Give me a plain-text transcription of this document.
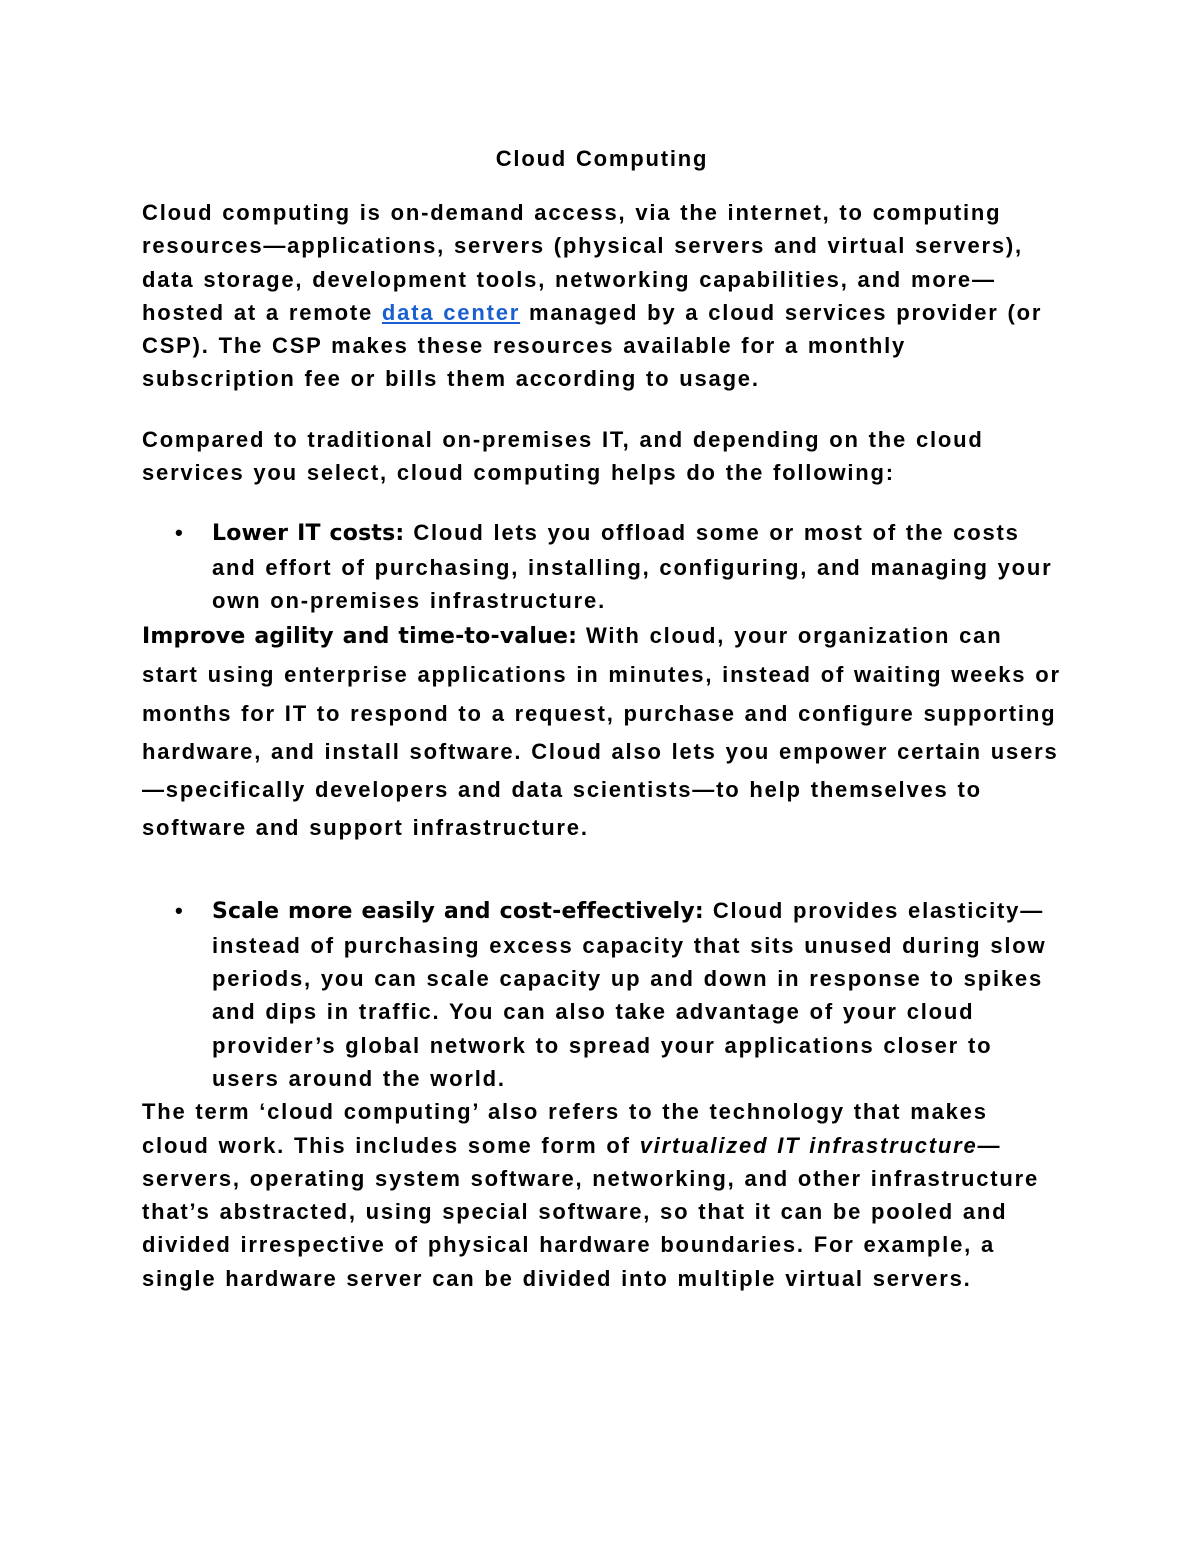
Cloud Computing

Cloud computing is on-demand access, via the internet, to computing resources—applications, servers (physical servers and virtual servers), data storage, development tools, networking capabilities, and more—hosted at a remote data center managed by a cloud services provider (or CSP). The CSP makes these resources available for a monthly subscription fee or bills them according to usage.

Compared to traditional on-premises IT, and depending on the cloud services you select, cloud computing helps do the following:

• Lower IT costs: Cloud lets you offload some or most of the costs and effort of purchasing, installing, configuring, and managing your own on-premises infrastructure.

Improve agility and time-to-value: With cloud, your organization can start using enterprise applications in minutes, instead of waiting weeks or months for IT to respond to a request, purchase and configure supporting hardware, and install software. Cloud also lets you empower certain users—specifically developers and data scientists—to help themselves to software and support infrastructure.

• Scale more easily and cost-effectively: Cloud provides elasticity—instead of purchasing excess capacity that sits unused during slow periods, you can scale capacity up and down in response to spikes and dips in traffic. You can also take advantage of your cloud provider’s global network to spread your applications closer to users around the world.

The term ‘cloud computing’ also refers to the technology that makes cloud work. This includes some form of virtualized IT infrastructure—servers, operating system software, networking, and other infrastructure that’s abstracted, using special software, so that it can be pooled and divided irrespective of physical hardware boundaries. For example, a single hardware server can be divided into multiple virtual servers.
